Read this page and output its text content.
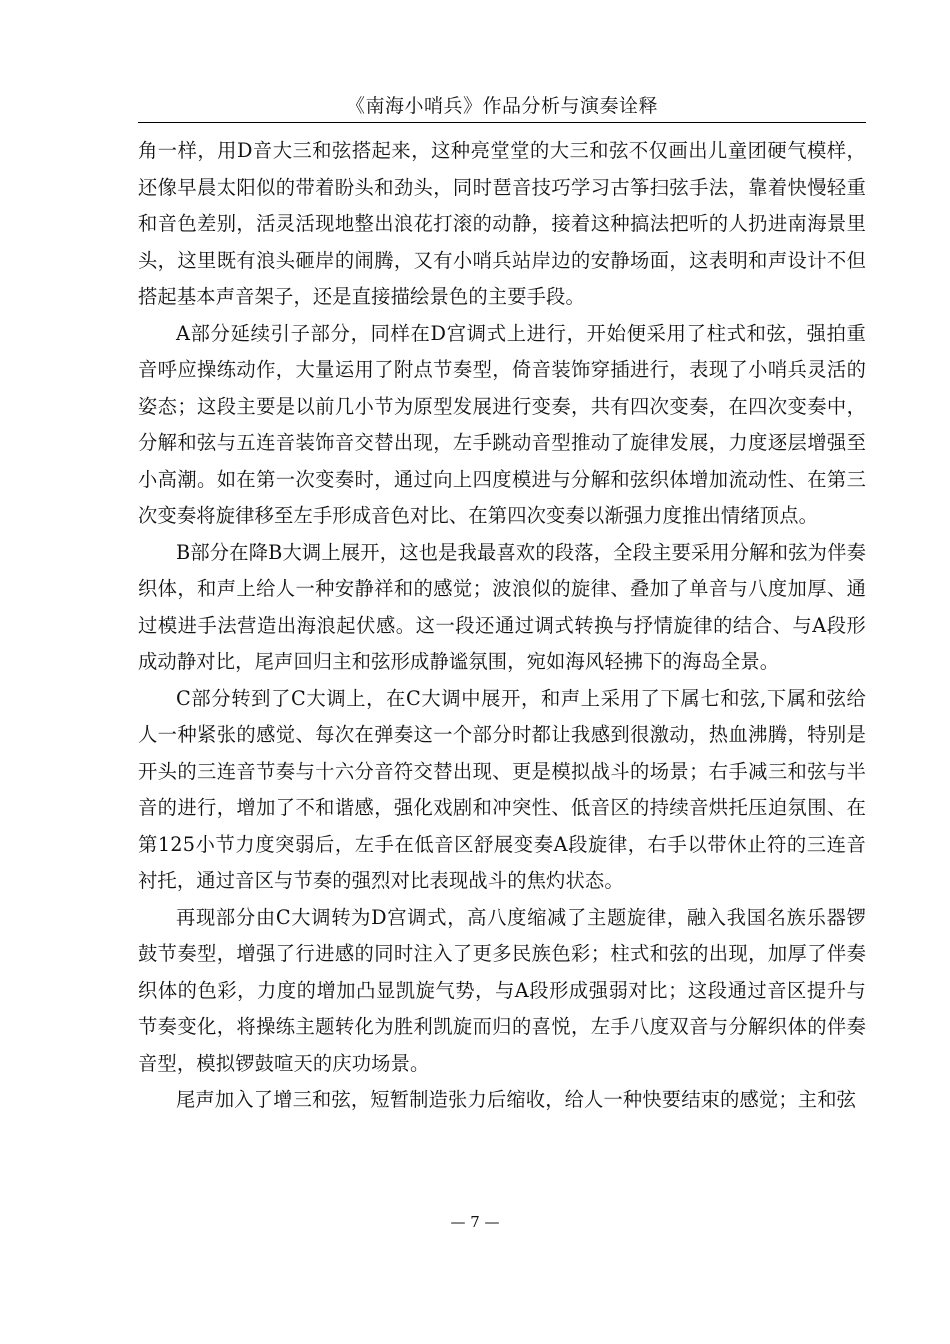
《南海小哨兵》作品分析与演奏诠释

角一样，用D音大三和弦搭起来，这种亮堂堂的大三和弦不仅画出儿童团硬气模样，还像早晨太阳似的带着盼头和劲头，同时琶音技巧学习古筝扫弦手法，靠着快慢轻重和音色差别，活灵活现地整出浪花打滚的动静，接着这种搞法把听的人扔进南海景里头，这里既有浪头砸岸的闹腾，又有小哨兵站岸边的安静场面，这表明和声设计不但搭起基本声音架子，还是直接描绘景色的主要手段。

A部分延续引子部分，同样在D宫调式上进行，开始便采用了柱式和弦，强拍重音呼应操练动作，大量运用了附点节奏型，倚音装饰穿插进行，表现了小哨兵灵活的姿态；这段主要是以前几小节为原型发展进行变奏，共有四次变奏，在四次变奏中，分解和弦与五连音装饰音交替出现，左手跳动音型推动了旋律发展，力度逐层增强至小高潮。如在第一次变奏时，通过向上四度模进与分解和弦织体增加流动性、在第三次变奏将旋律移至左手形成音色对比、在第四次变奏以渐强力度推出情绪顶点。

B部分在降B大调上展开，这也是我最喜欢的段落，全段主要采用分解和弦为伴奏织体，和声上给人一种安静祥和的感觉；波浪似的旋律、叠加了单音与八度加厚、通过模进手法营造出海浪起伏感。这一段还通过调式转换与抒情旋律的结合、与A段形成动静对比，尾声回归主和弦形成静谧氛围，宛如海风轻拂下的海岛全景。

C部分转到了C大调上，在C大调中展开，和声上采用了下属七和弦,下属和弦给人一种紧张的感觉、每次在弹奏这一个部分时都让我感到很激动，热血沸腾，特别是开头的三连音节奏与十六分音符交替出现、更是模拟战斗的场景；右手减三和弦与半音的进行，增加了不和谐感，强化戏剧和冲突性、低音区的持续音烘托压迫氛围、在第125小节力度突弱后，左手在低音区舒展变奏A段旋律，右手以带休止符的三连音衬托，通过音区与节奏的强烈对比表现战斗的焦灼状态。

再现部分由C大调转为D宫调式，高八度缩减了主题旋律，融入我国名族乐器锣鼓节奏型，增强了行进感的同时注入了更多民族色彩；柱式和弦的出现，加厚了伴奏织体的色彩，力度的增加凸显凯旋气势，与A段形成强弱对比；这段通过音区提升与节奏变化，将操练主题转化为胜利凯旋而归的喜悦，左手八度双音与分解织体的伴奏音型，模拟锣鼓喧天的庆功场景。

尾声加入了增三和弦，短暂制造张力后缩收，给人一种快要结束的感觉；主和弦

— 7 —
